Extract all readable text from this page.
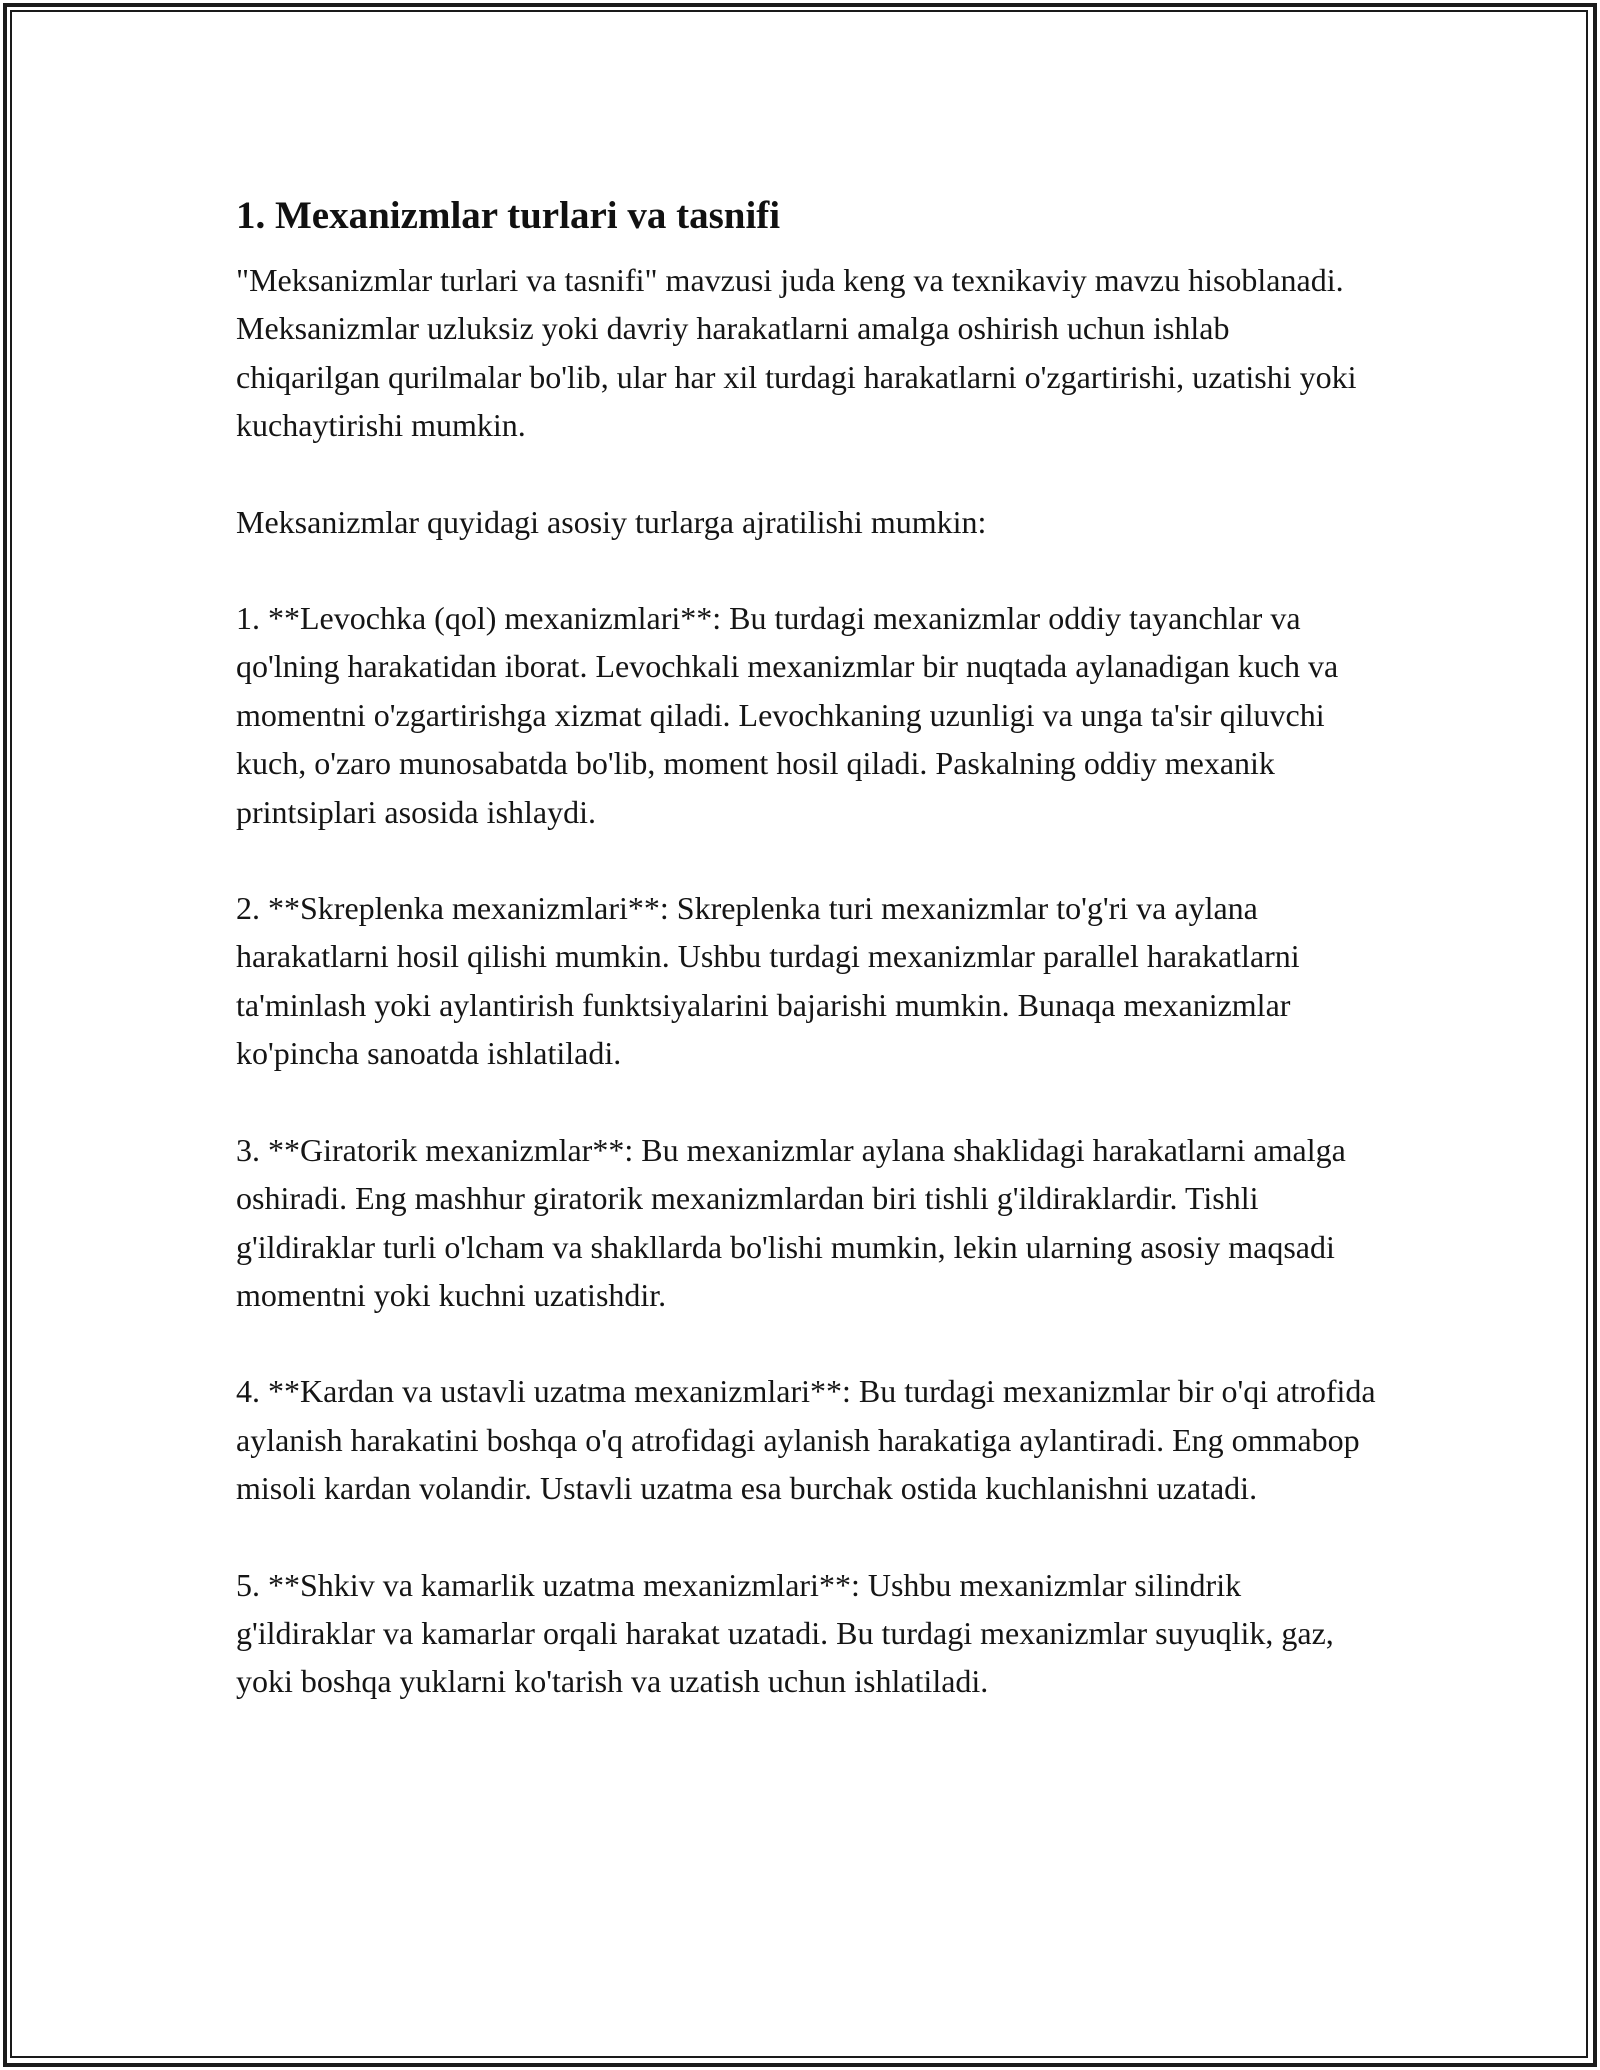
1. Mexanizmlar turlari va tasnifi

"Meksanizmlar turlari va tasnifi" mavzusi juda keng va texnikaviy mavzu hisoblanadi. Meksanizmlar uzluksiz yoki davriy harakatlarni amalga oshirish uchun ishlab chiqarilgan qurilmalar bo'lib, ular har xil turdagi harakatlarni o'zgartirishi, uzatishi yoki kuchaytirishi mumkin.

Meksanizmlar quyidagi asosiy turlarga ajratilishi mumkin:

1. **Levochka (qol) mexanizmlari**: Bu turdagi mexanizmlar oddiy tayanchlar va qo'lning harakatidan iborat. Levochkali mexanizmlar bir nuqtada aylanadigan kuch va momentni o'zgartirishga xizmat qiladi. Levochkaning uzunligi va unga ta'sir qiluvchi kuch, o'zaro munosabatda bo'lib, moment hosil qiladi. Paskalning oddiy mexanik printsiplari asosida ishlaydi.

2. **Skreplenka mexanizmlari**: Skreplenka turi mexanizmlar to'g'ri va aylana harakatlarni hosil qilishi mumkin. Ushbu turdagi mexanizmlar parallel harakatlarni ta'minlash yoki aylantirish funktsiyalarini bajarishi mumkin. Bunaqa mexanizmlar ko'pincha sanoatda ishlatiladi.

3. **Giratorik mexanizmlar**: Bu mexanizmlar aylana shaklidagi harakatlarni amalga oshiradi. Eng mashhur giratorik mexanizmlardan biri tishli g'ildiraklardir. Tishli g'ildiraklar turli o'lcham va shakllarda bo'lishi mumkin, lekin ularning asosiy maqsadi momentni yoki kuchni uzatishdir.

4. **Kardan va ustavli uzatma mexanizmlari**: Bu turdagi mexanizmlar bir o'qi atrofida aylanish harakatini boshqa o'q atrofidagi aylanish harakatiga aylantiradi. Eng ommabop misoli kardan volandir. Ustavli uzatma esa burchak ostida kuchlanishni uzatadi.

5. **Shkiv va kamarlik uzatma mexanizmlari**: Ushbu mexanizmlar silindrik g'ildiraklar va kamarlar orqali harakat uzatadi. Bu turdagi mexanizmlar suyuqlik, gaz, yoki boshqa yuklarni ko'tarish va uzatish uchun ishlatiladi.
